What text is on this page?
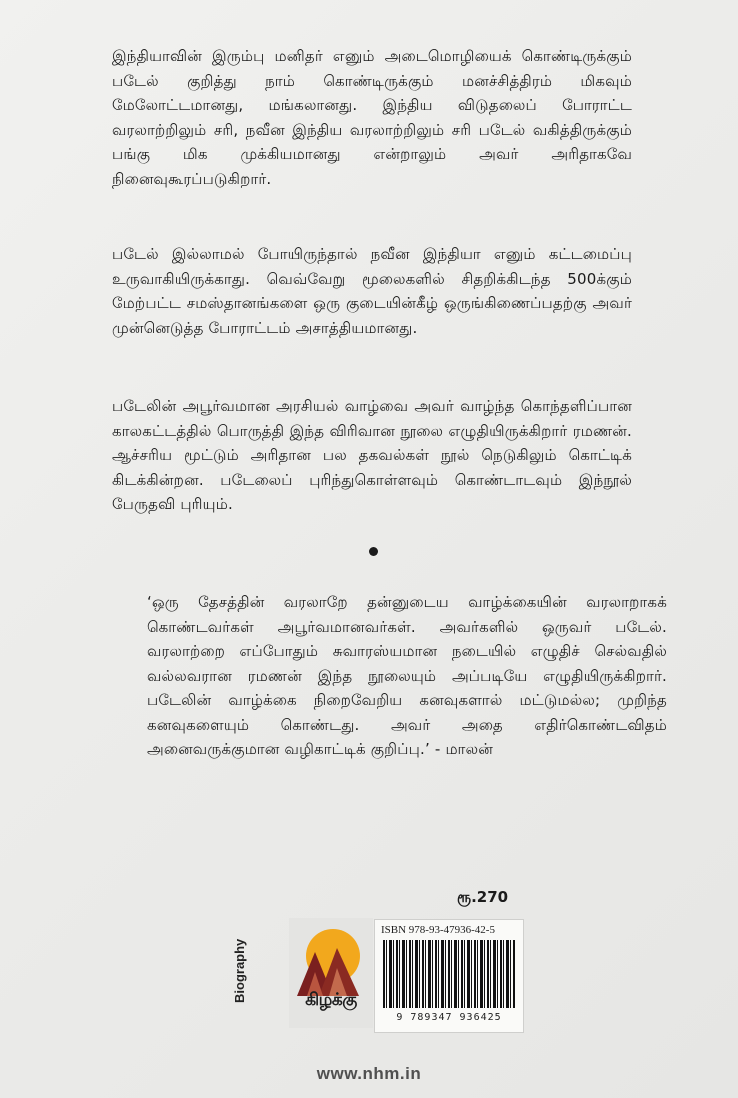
இந்தியாவின் இரும்பு மனிதர் எனும் அடைமொழியைக் கொண்டிருக்கும் படேல் குறித்து நாம் கொண்டிருக்கும் மனச்சித்திரம் மிகவும் மேலோட்டமானது, மங்கலானது. இந்திய விடுதலைப் போராட்ட வரலாற்றிலும் சரி, நவீன இந்திய வரலாற்றிலும் சரி படேல் வகித்திருக்கும் பங்கு மிக முக்கியமானது என்றாலும் அவர் அரிதாகவே நினைவுகூரப்படுகிறார்.
படேல் இல்லாமல் போயிருந்தால் நவீன இந்தியா எனும் கட்டமைப்பு உருவாகியிருக்காது. வெவ்வேறு மூலைகளில் சிதறிக்கிடந்த 500க்கும் மேற்பட்ட சமஸ்தானங்களை ஒரு குடையின்கீழ் ஒருங்கிணைப்பதற்கு அவர் முன்னெடுத்த போராட்டம் அசாத்தியமானது.
படேலின் அபூர்வமான அரசியல் வாழ்வை அவர் வாழ்ந்த கொந்தளிப்பான காலகட்டத்தில் பொருத்தி இந்த விரிவான நூலை எழுதியிருக்கிறார் ரமணன். ஆச்சரிய மூட்டும் அரிதான பல தகவல்கள் நூல் நெடுகிலும் கொட்டிக் கிடக்கின்றன. படேலைப் புரிந்துகொள்ளவும் கொண்டாடவும் இந்நூல் பேருதவி புரியும்.
‘ஒரு தேசத்தின் வரலாறே தன்னுடைய வாழ்க்கையின் வரலாறாகக் கொண்டவர்கள் அபூர்வமானவர்கள். அவர்களில் ஒருவர் படேல். வரலாற்றை எப்போதும் சுவாரஸ்யமான நடையில் எழுதிச் செல்வதில் வல்லவரான ரமணன் இந்த நூலையும் அப்படியே எழுதியிருக்கிறார். படேலின் வாழ்க்கை நிறைவேறிய கனவுகளால் மட்டுமல்ல; முறிந்த கனவுகளையும் கொண்டது. அவர் அதை எதிர்கொண்டவிதம் அனைவருக்குமான வழிகாட்டிக் குறிப்பு.’ - மாலன்
ரூ.270
Biography	கிழக்கு
ISBN 978-93-47936-42-5
9 789347 936425
www.nhm.in
